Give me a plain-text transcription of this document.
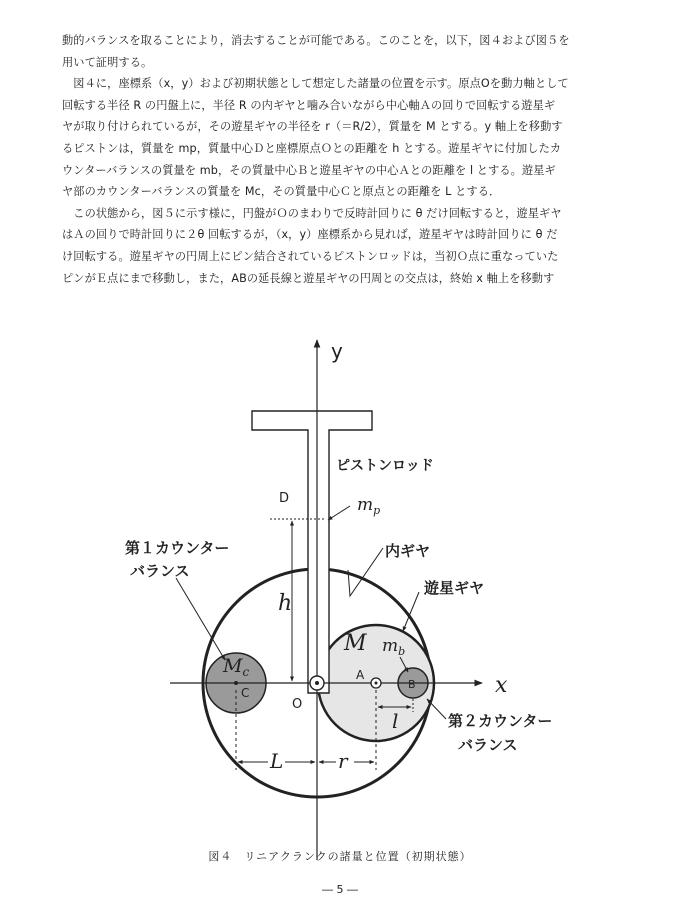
動的バランスを取ることにより，消去することが可能である。このことを，以下，図４および図５を
用いて証明する。
　図４に，座標系（x，y）および初期状態として想定した諸量の位置を示す。原点Oを動力軸として
回転する半径 R の円盤上に，半径 R の内ギヤと噛み合いながら中心軸Ａの回りで回転する遊星ギ
ヤが取り付けられているが，その遊星ギヤの半径を r（＝R/2），質量を M とする。y 軸上を移動す
るピストンは，質量を mp，質量中心Ｄと座標原点Ｏとの距離を h とする。遊星ギヤに付加したカ
ウンターバランスの質量を mb，その質量中心Ｂと遊星ギヤの中心Ａとの距離を l とする。遊星ギ
ヤ部のカウンターバランスの質量を Mc，その質量中心Ｃと原点との距離を L とする．
　この状態から，図５に示す様に，円盤がＯのまわりで反時計回りに θ だけ回転すると，遊星ギヤ
はＡの回りで時計回りに２θ 回転するが，（x，y）座標系から見れば，遊星ギヤは時計回りに θ だ
け回転する。遊星ギヤの円周上にピン結合されているピストンロッドは，当初Ｏ点に重なっていた
ピンがＥ点にまで移動し，また，ABの延長線と遊星ギヤの円周との交点は，終始 x 軸上を移動す
y
x
ピストンロッド
D	$m_p$
第１カウンター
バランス
内ギヤ
遊星ギヤ
h
M $m_b$
$M_c$
C
A
B
O
l	第２カウンター
バランス
L	r
図４　リニアクランクの諸量と位置（初期状態）
― 5 ―
